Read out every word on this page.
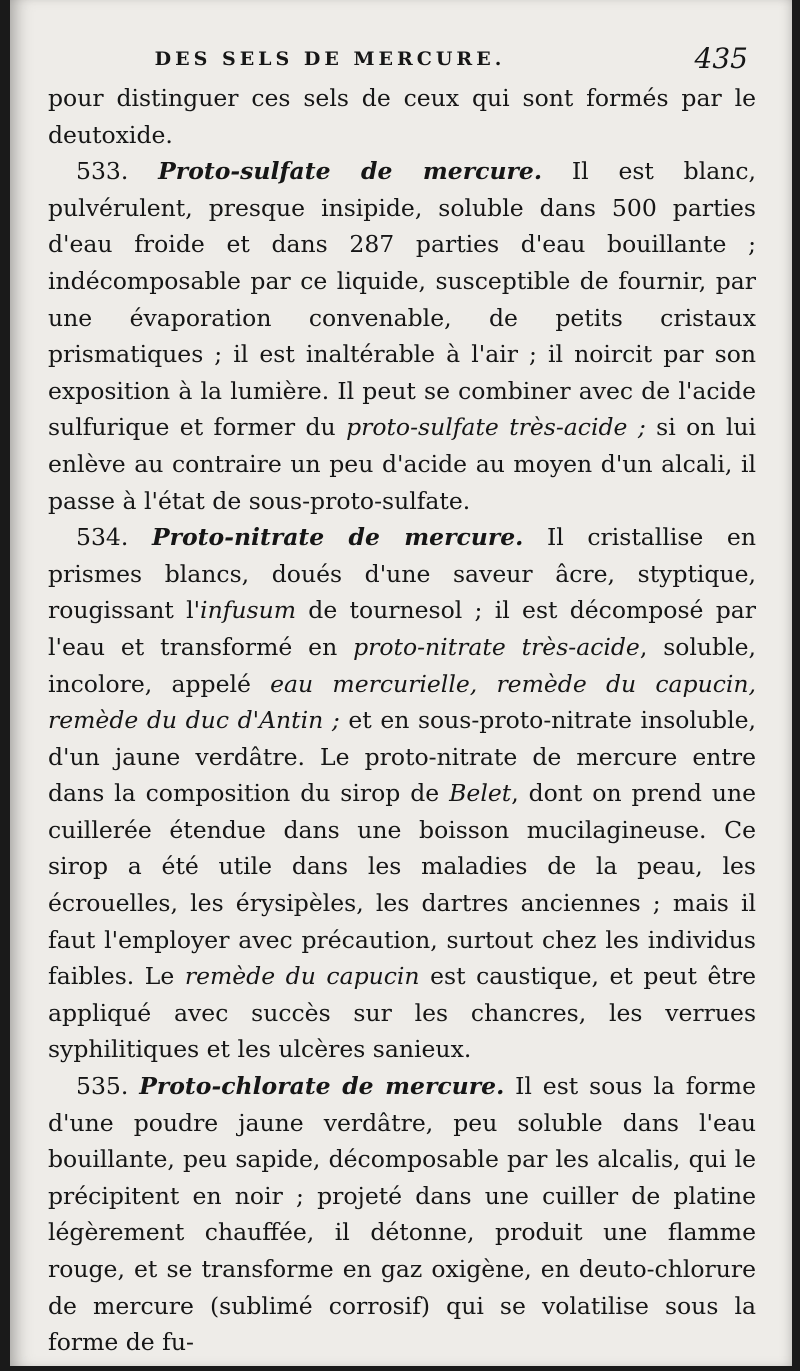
DES SELS DE MERCURE.	435

pour distinguer ces sels de ceux qui sont formés par le deutoxide.

533. Proto-sulfate de mercure. Il est blanc, pulvérulent, presque insipide, soluble dans 500 parties d'eau froide et dans 287 parties d'eau bouillante ; indécomposable par ce liquide, susceptible de fournir, par une évaporation convenable, de petits cristaux prismatiques ; il est inaltérable à l'air ; il noircit par son exposition à la lumière. Il peut se combiner avec de l'acide sulfurique et former du proto-sulfate très-acide ; si on lui enlève au contraire un peu d'acide au moyen d'un alcali, il passe à l'état de sous-proto-sulfate.

534. Proto-nitrate de mercure. Il cristallise en prismes blancs, doués d'une saveur âcre, styptique, rougissant l'infusum de tournesol ; il est décomposé par l'eau et transformé en proto-nitrate très-acide, soluble, incolore, appelé eau mercurielle, remède du capucin, remède du duc d'Antin ; et en sous-proto-nitrate insoluble, d'un jaune verdâtre. Le proto-nitrate de mercure entre dans la composition du sirop de Belet, dont on prend une cuillerée étendue dans une boisson mucilagineuse. Ce sirop a été utile dans les maladies de la peau, les écrouelles, les érysipèles, les dartres anciennes ; mais il faut l'employer avec précaution, surtout chez les individus faibles. Le remède du capucin est caustique, et peut être appliqué avec succès sur les chancres, les verrues syphilitiques et les ulcères sanieux.

535. Proto-chlorate de mercure. Il est sous la forme d'une poudre jaune verdâtre, peu soluble dans l'eau bouillante, peu sapide, décomposable par les alcalis, qui le précipitent en noir ; projeté dans une cuiller de platine légèrement chauffée, il détonne, produit une flamme rouge, et se transforme en gaz oxigène, en deuto-chlorure de mercure (sublimé corrosif) qui se volatilise sous la forme de fu-
